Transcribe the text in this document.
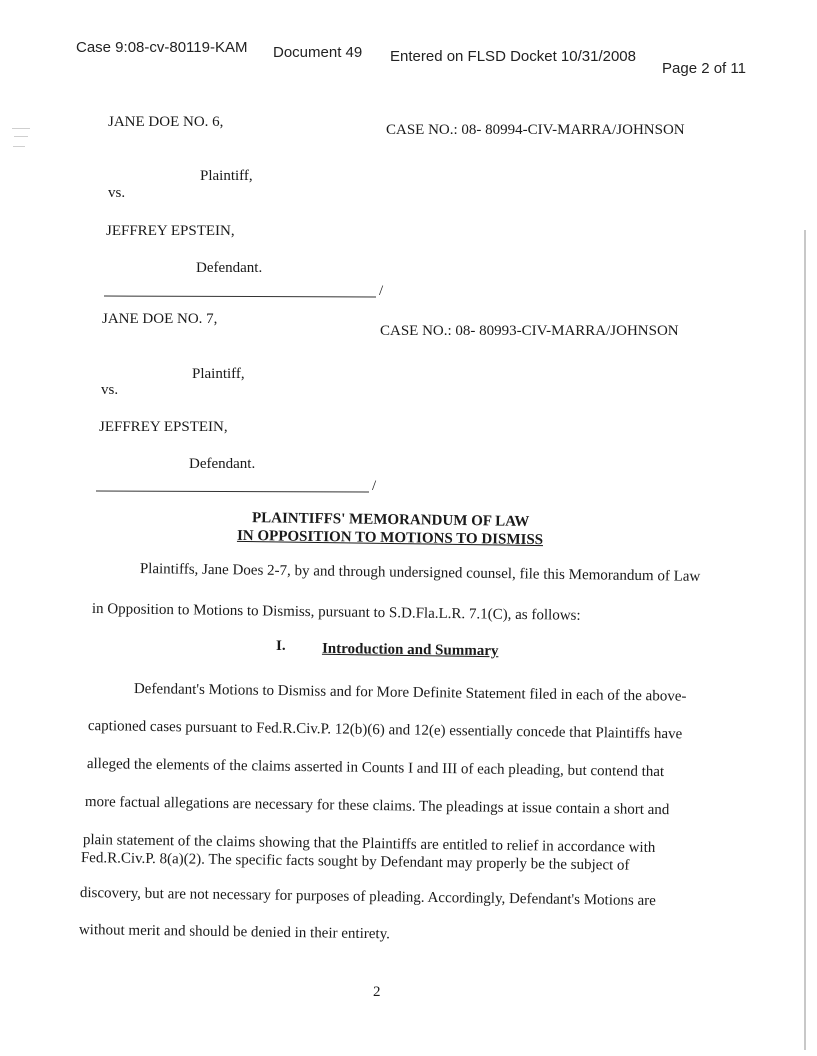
Case 9:08-cv-80119-KAM Document 49 Entered on FLSD Docket 10/31/2008
Page 2 of 11
JANE DOE NO. 6,	CASE NO.: 08- 80994-CIV-MARRA/JOHNSON
Plaintiff,
vs.
JEFFREY EPSTEIN,
Defendant.
/
JANE DOE NO. 7,
CASE NO.: 08- 80993-CIV-MARRA/JOHNSON
Plaintiff,
vs.
JEFFREY EPSTEIN,
Defendant.
/
PLAINTIFFS' MEMORANDUM OF LAW
IN OPPOSITION TO MOTIONS TO DISMISS
Plaintiffs, Jane Does 2-7, by and through undersigned counsel, file this Memorandum of Law
in Opposition to Motions to Dismiss, pursuant to S.D.Fla.L.R. 7.1(C), as follows:
I. Introduction and Summary
Defendant's Motions to Dismiss and for More Definite Statement filed in each of the above-
captioned cases pursuant to Fed.R.Civ.P. 12(b)(6) and 12(e) essentially concede that Plaintiffs have
alleged the elements of the claims asserted in Counts I and III of each pleading, but contend that
more factual allegations are necessary for these claims. The pleadings at issue contain a short and
plain statement of the claims showing that the Plaintiffs are entitled to relief in accordance with
Fed.R.Civ.P. 8(a)(2). The specific facts sought by Defendant may properly be the subject of
discovery, but are not necessary for purposes of pleading. Accordingly, Defendant's Motions are
without merit and should be denied in their entirety.
2
